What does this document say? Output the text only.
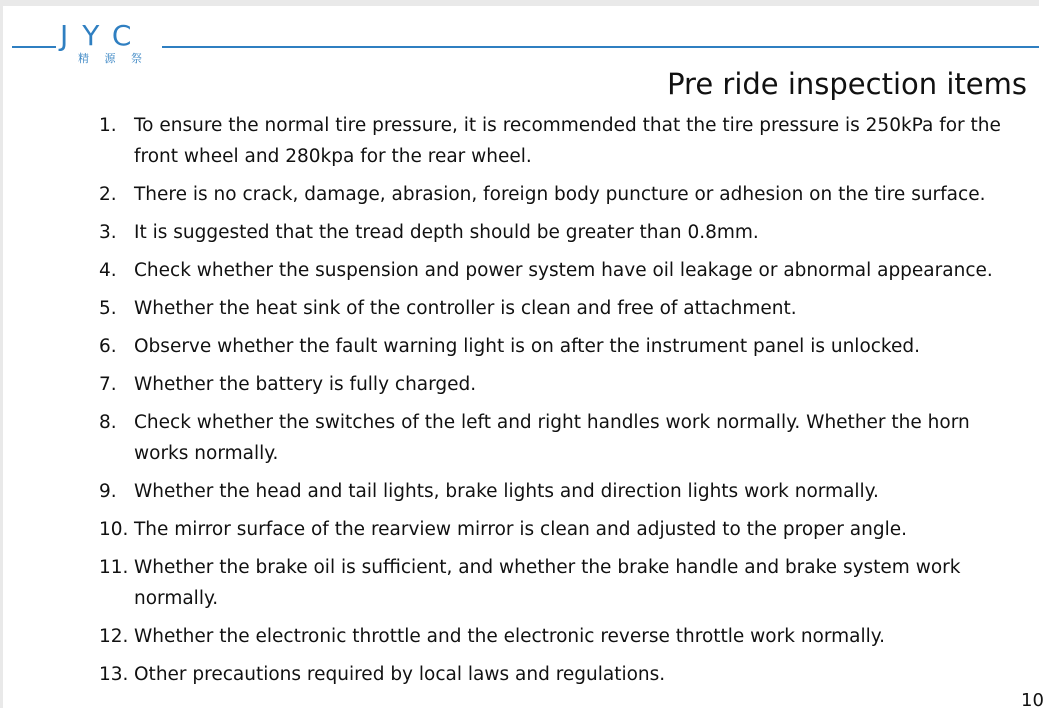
JYC
精 源 祭
Pre ride inspection items
1. To ensure the normal tire pressure, it is recommended that the tire pressure is 250kPa for the front wheel and 280kpa for the rear wheel.
2. There is no crack, damage, abrasion, foreign body puncture or adhesion on the tire surface.
3. It is suggested that the tread depth should be greater than 0.8mm.
4. Check whether the suspension and power system have oil leakage or abnormal appearance.
5. Whether the heat sink of the controller is clean and free of attachment.
6. Observe whether the fault warning light is on after the instrument panel is unlocked.
7. Whether the battery is fully charged.
8. Check whether the switches of the left and right handles work normally. Whether the horn works normally.
9. Whether the head and tail lights, brake lights and direction lights work normally.
10. The mirror surface of the rearview mirror is clean and adjusted to the proper angle.
11. Whether the brake oil is sufficient, and whether the brake handle and brake system work normally.
12. Whether the electronic throttle and the electronic reverse throttle work normally.
13. Other precautions required by local laws and regulations.
10
